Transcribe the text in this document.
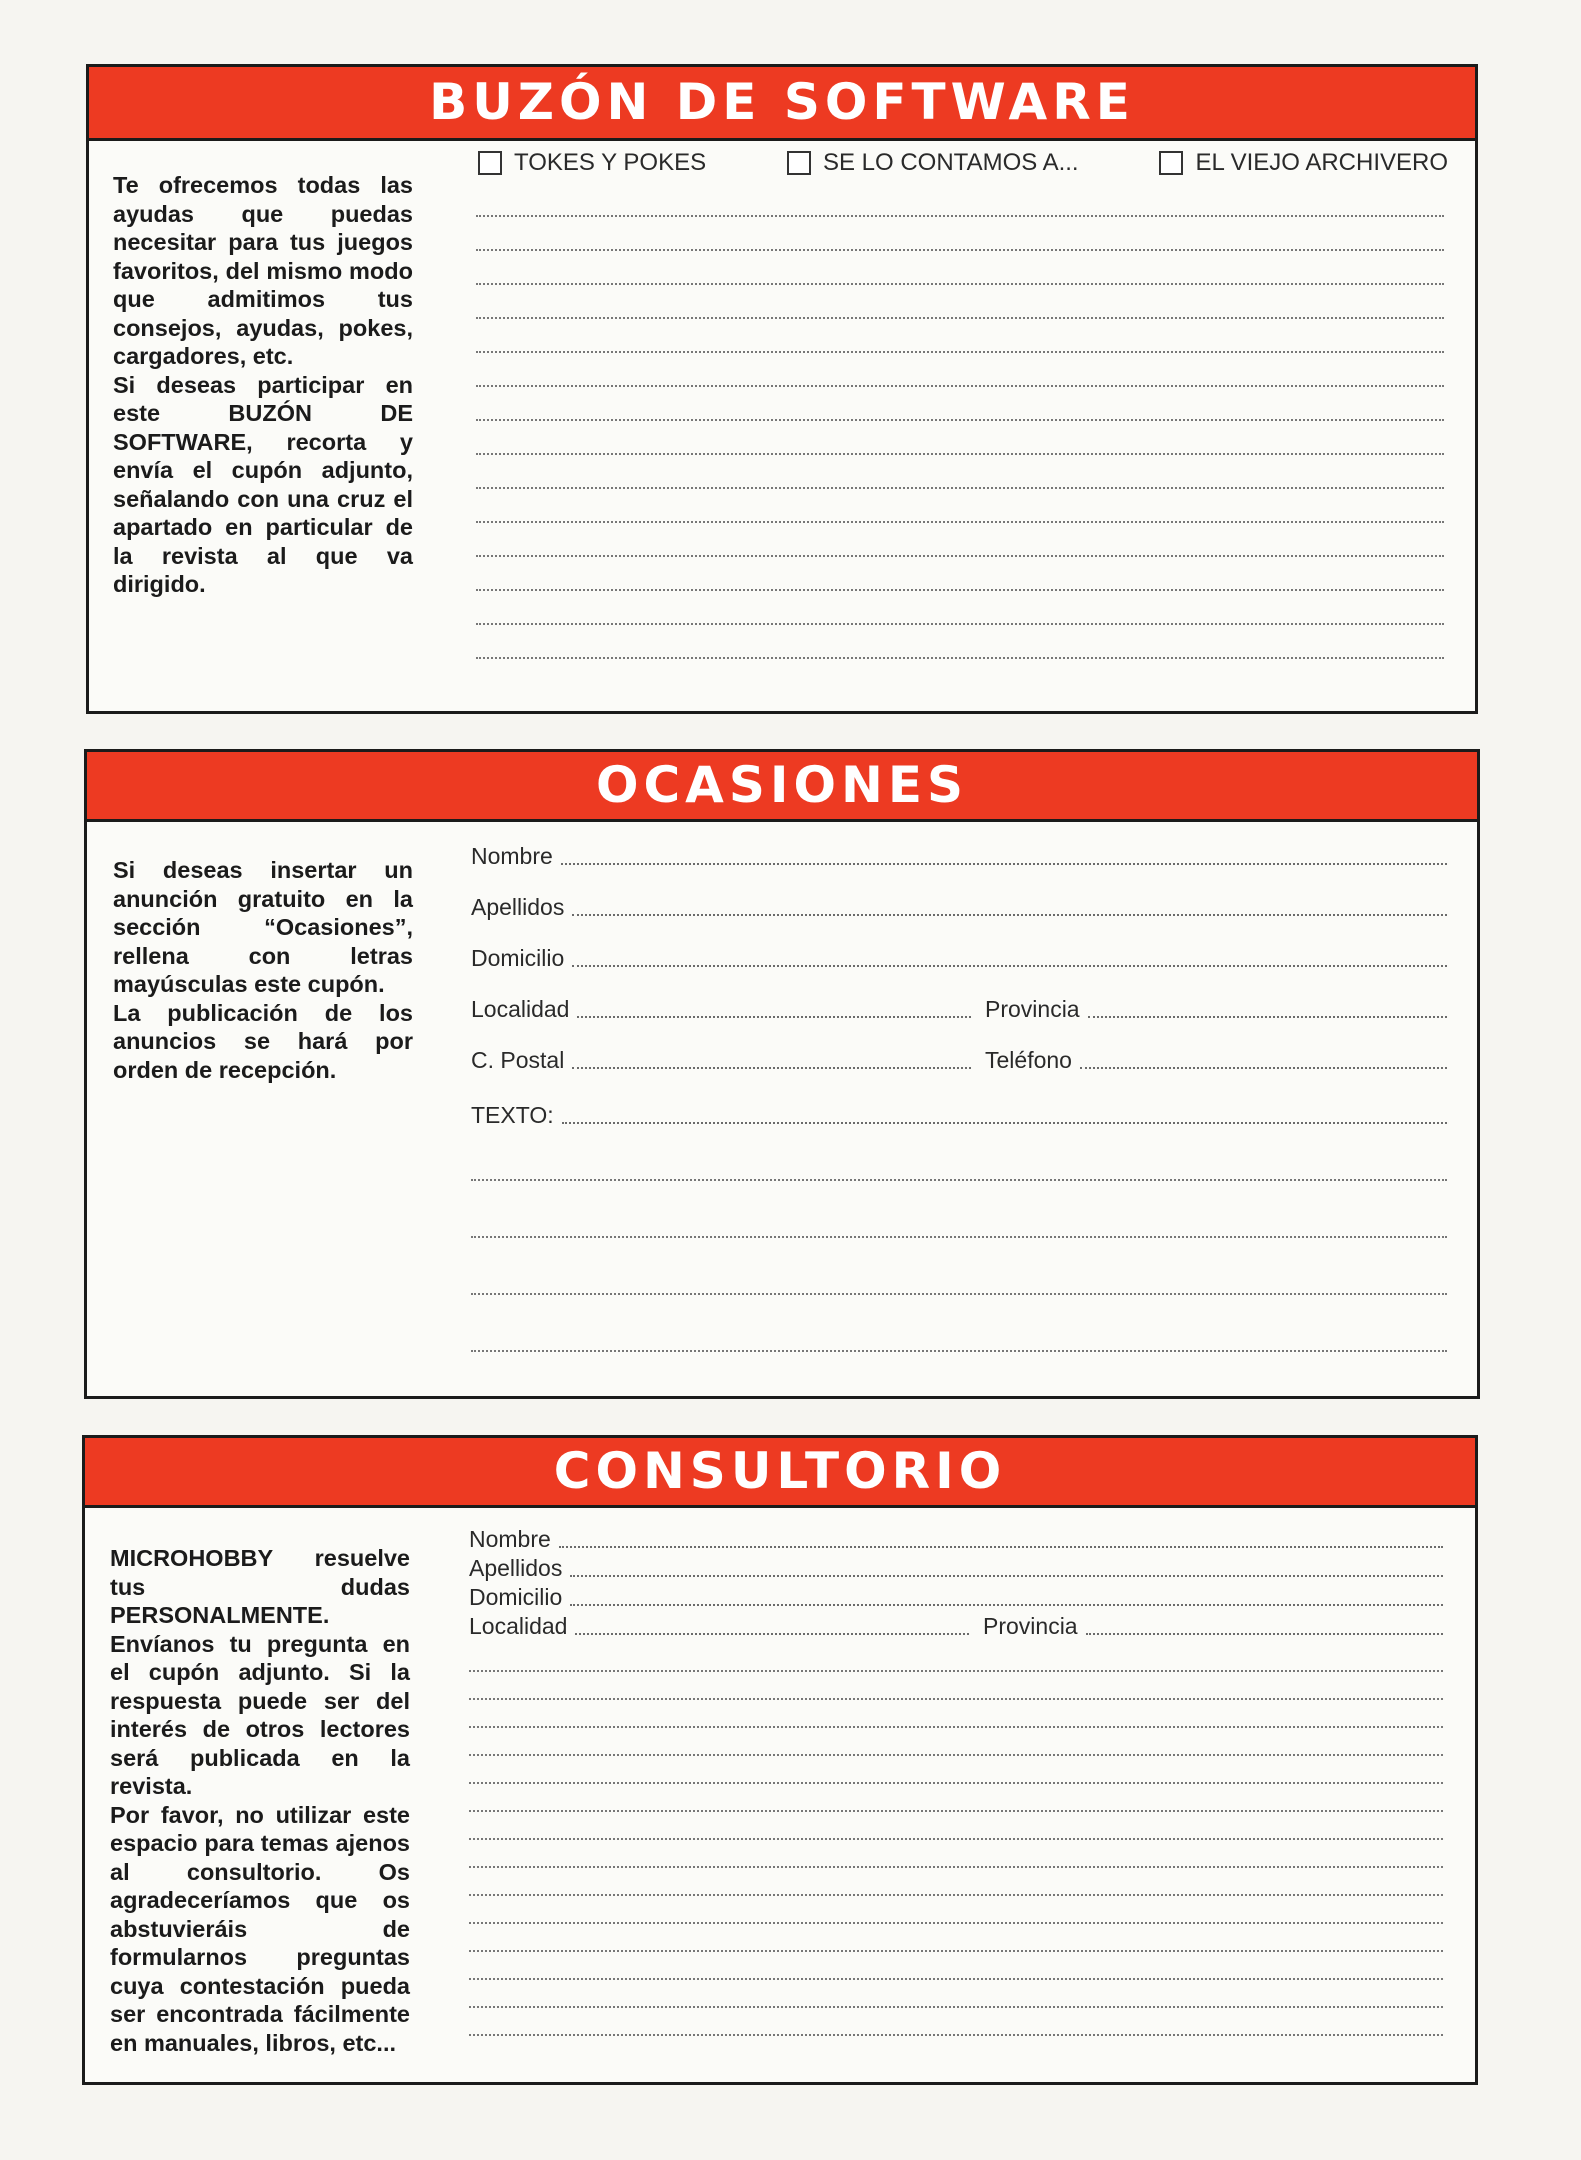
BUZÓN DE SOFTWARE
Te ofrecemos todas las ayudas que puedas necesitar para tus juegos favoritos, del mismo modo que admitimos tus consejos, ayudas, pokes, cargadores, etc.
Si deseas participar en este BUZÓN DE SOFTWARE, recorta y envía el cupón adjunto, señalando con una cruz el apartado en particular de la revista al que va dirigido.
TOKES Y POKES	SE LO CONTAMOS A...	EL VIEJO ARCHIVERO
OCASIONES
Si deseas insertar un anunción gratuito en la sección “Ocasiones”, rellena con letras mayúsculas este cupón.
La publicación de los anuncios se hará por orden de recepción.
Nombre
Apellidos
Domicilio
Localidad	Provincia
C. Postal	Teléfono
TEXTO:
CONSULTORIO
MICROHOBBY resuelve tus dudas PERSONALMENTE. Envíanos tu pregunta en el cupón adjunto. Si la respuesta puede ser del interés de otros lectores será publicada en la revista.
Por favor, no utilizar este espacio para temas ajenos al consultorio. Os agradeceríamos que os abstuvieráis de formularnos preguntas cuya contestación pueda ser encontrada fácilmente en manuales, libros, etc...
Nombre
Apellidos
Domicilio
Localidad	Provincia
